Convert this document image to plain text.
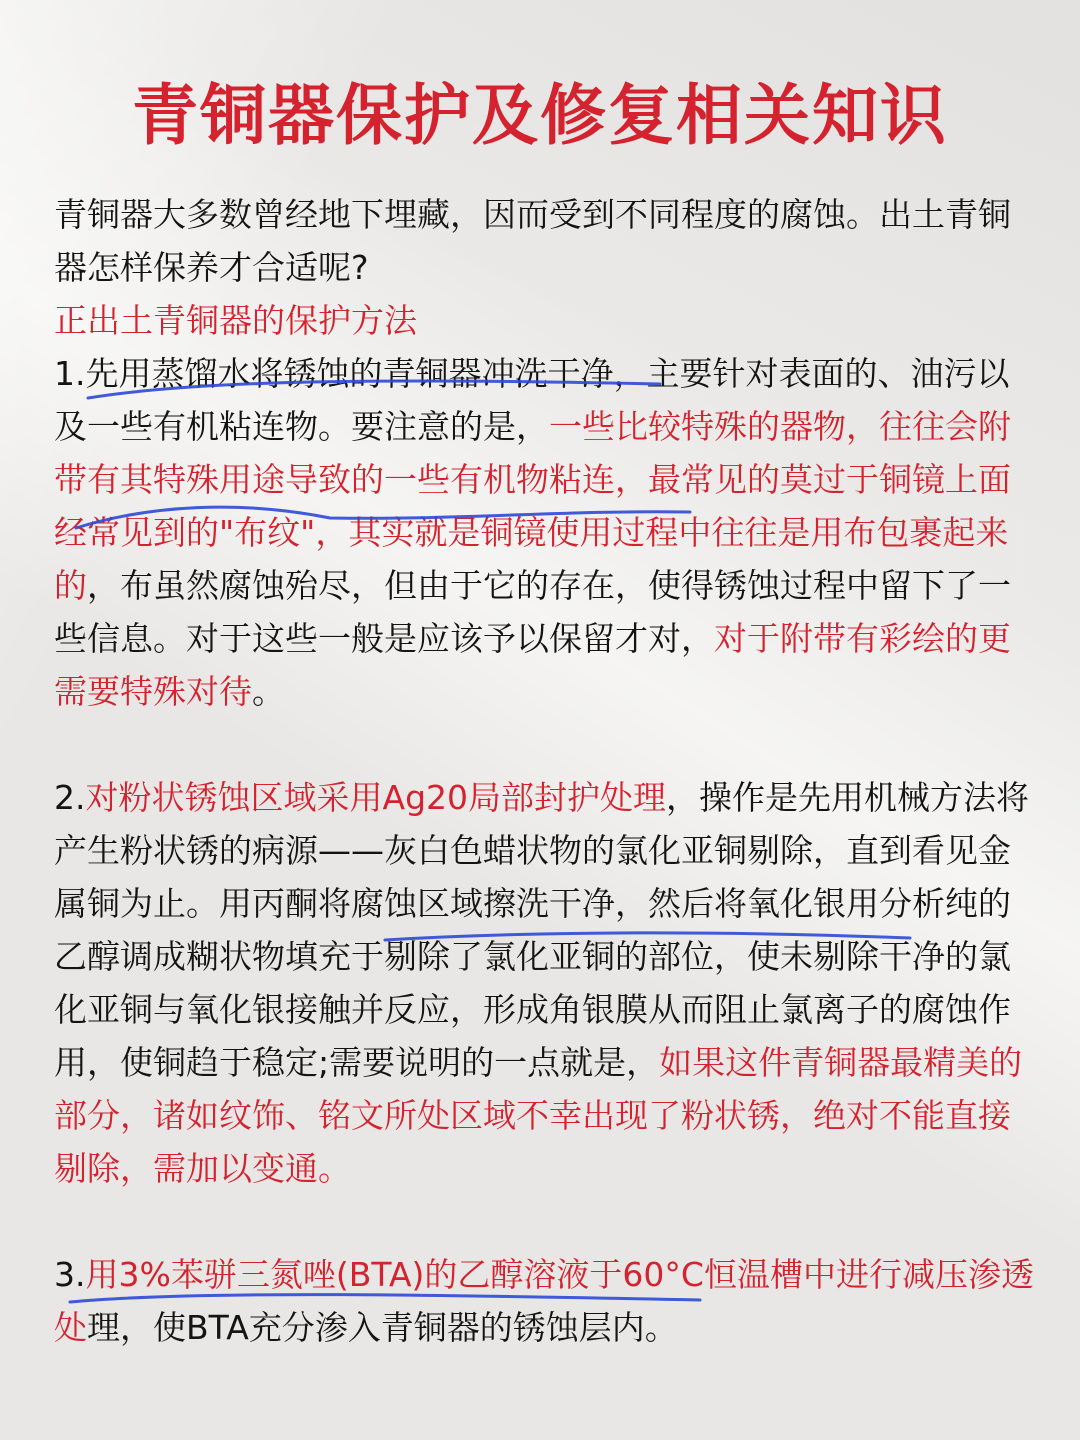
青铜器保护及修复相关知识

青铜器大多数曾经地下埋藏，因而受到不同程度的腐蚀。出土青铜器怎样保养才合适呢?

正出土青铜器的保护方法

1.先用蒸馏水将锈蚀的青铜器冲洗干净，主要针对表面的、油污以及一些有机粘连物。要注意的是，一些比较特殊的器物，往往会附带有其特殊用途导致的一些有机物粘连，最常见的莫过于铜镜上面经常见到的"布纹"，其实就是铜镜使用过程中往往是用布包裹起来的，布虽然腐蚀殆尽，但由于它的存在，使得锈蚀过程中留下了一些信息。对于这些一般是应该予以保留才对，对于附带有彩绘的更需要特殊对待。

2.对粉状锈蚀区域采用Ag20局部封护处理，操作是先用机械方法将产生粉状锈的病源——灰白色蜡状物的氯化亚铜剔除，直到看见金属铜为止。用丙酮将腐蚀区域擦洗干净，然后将氧化银用分析纯的乙醇调成糊状物填充于剔除了氯化亚铜的部位，使未剔除干净的氯化亚铜与氧化银接触并反应，形成角银膜从而阻止氯离子的腐蚀作用，使铜趋于稳定;需要说明的一点就是，如果这件青铜器最精美的部分，诸如纹饰、铭文所处区域不幸出现了粉状锈，绝对不能直接剔除，需加以变通。

3.用3%苯骈三氮唑(BTA)的乙醇溶液于60°C恒温槽中进行减压渗透处理，使BTA充分渗入青铜器的锈蚀层内。
